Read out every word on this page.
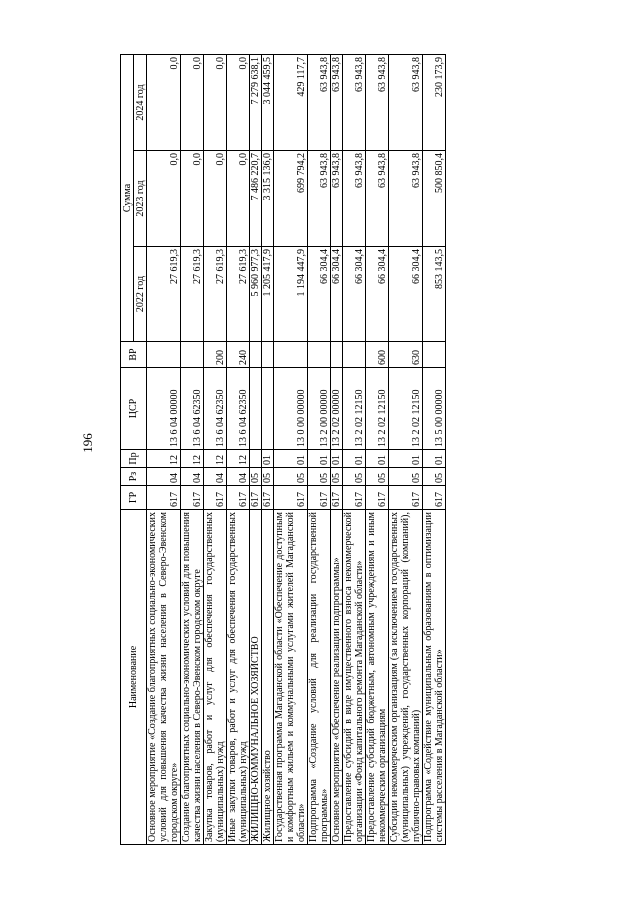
196
Наименование	ГР	Рз	Пр	ЦСР	ВР	Сумма		
						2022 год	2023 год	2024 год
Основное мероприятие «Создание благоприятных социально-экономических условий для повышения качества жизни населения в Северо-Эвенском городском округе»	617	04	12	13 6 04 00000		27 619,3	0,0	0,0
Создание благоприятных социально-экономических условий для повышения качества жизни населения в Северо-Эвенском городском округе	617	04	12	13 6 04 62350		27 619,3	0,0	0,0
Закупка товаров, работ и услуг для обеспечения государственных (муниципальных) нужд	617	04	12	13 6 04 62350	200	27 619,3	0,0	0,0
Иные закупки товаров, работ и услуг для обеспечения государственных (муниципальных) нужд	617	04	12	13 6 04 62350	240	27 619,3	0,0	0,0
ЖИЛИЩНО-КОММУНАЛЬНОЕ ХОЗЯЙСТВО	617	05				5 960 977,3	7 486 220,7	7 279 638,1
Жилищное хозяйство	617	05	01			1 205 417,9	3 315 136,0	3 044 459,5
Государственная программа Магаданской области «Обеспечение доступным и комфортным жильем и коммунальными услугами жителей Магаданской области»	617	05	01	13 0 00 00000		1 194 447,9	699 794,2	429 117,7
Подпрограмма «Создание условий для реализации государственной программы»	617	05	01	13 2 00 00000		66 304,4	63 943,8	63 943,8
Основное мероприятие «Обеспечение реализации подпрограммы»	617	05	01	13 2 02 00000		66 304,4	63 943,8	63 943,8
Предоставление субсидий в виде имущественного взноса некоммерческой организации «Фонд капитального ремонта Магаданской области»	617	05	01	13 2 02 12150		66 304,4	63 943,8	63 943,8
Предоставление субсидий бюджетным, автономным учреждениям и иным некоммерческим организациям	617	05	01	13 2 02 12150	600	66 304,4	63 943,8	63 943,8
Субсидии некоммерческим организациям (за исключением государственных (муниципальных) учреждений, государственных корпораций (компаний), публично-правовых компаний)	617	05	01	13 2 02 12150	630	66 304,4	63 943,8	63 943,8
Подпрограмма «Содействие муниципальным образованиям в оптимизации системы расселения в Магаданской области»	617	05	01	13 5 00 00000		853 143,5	500 850,4	230 173,9
